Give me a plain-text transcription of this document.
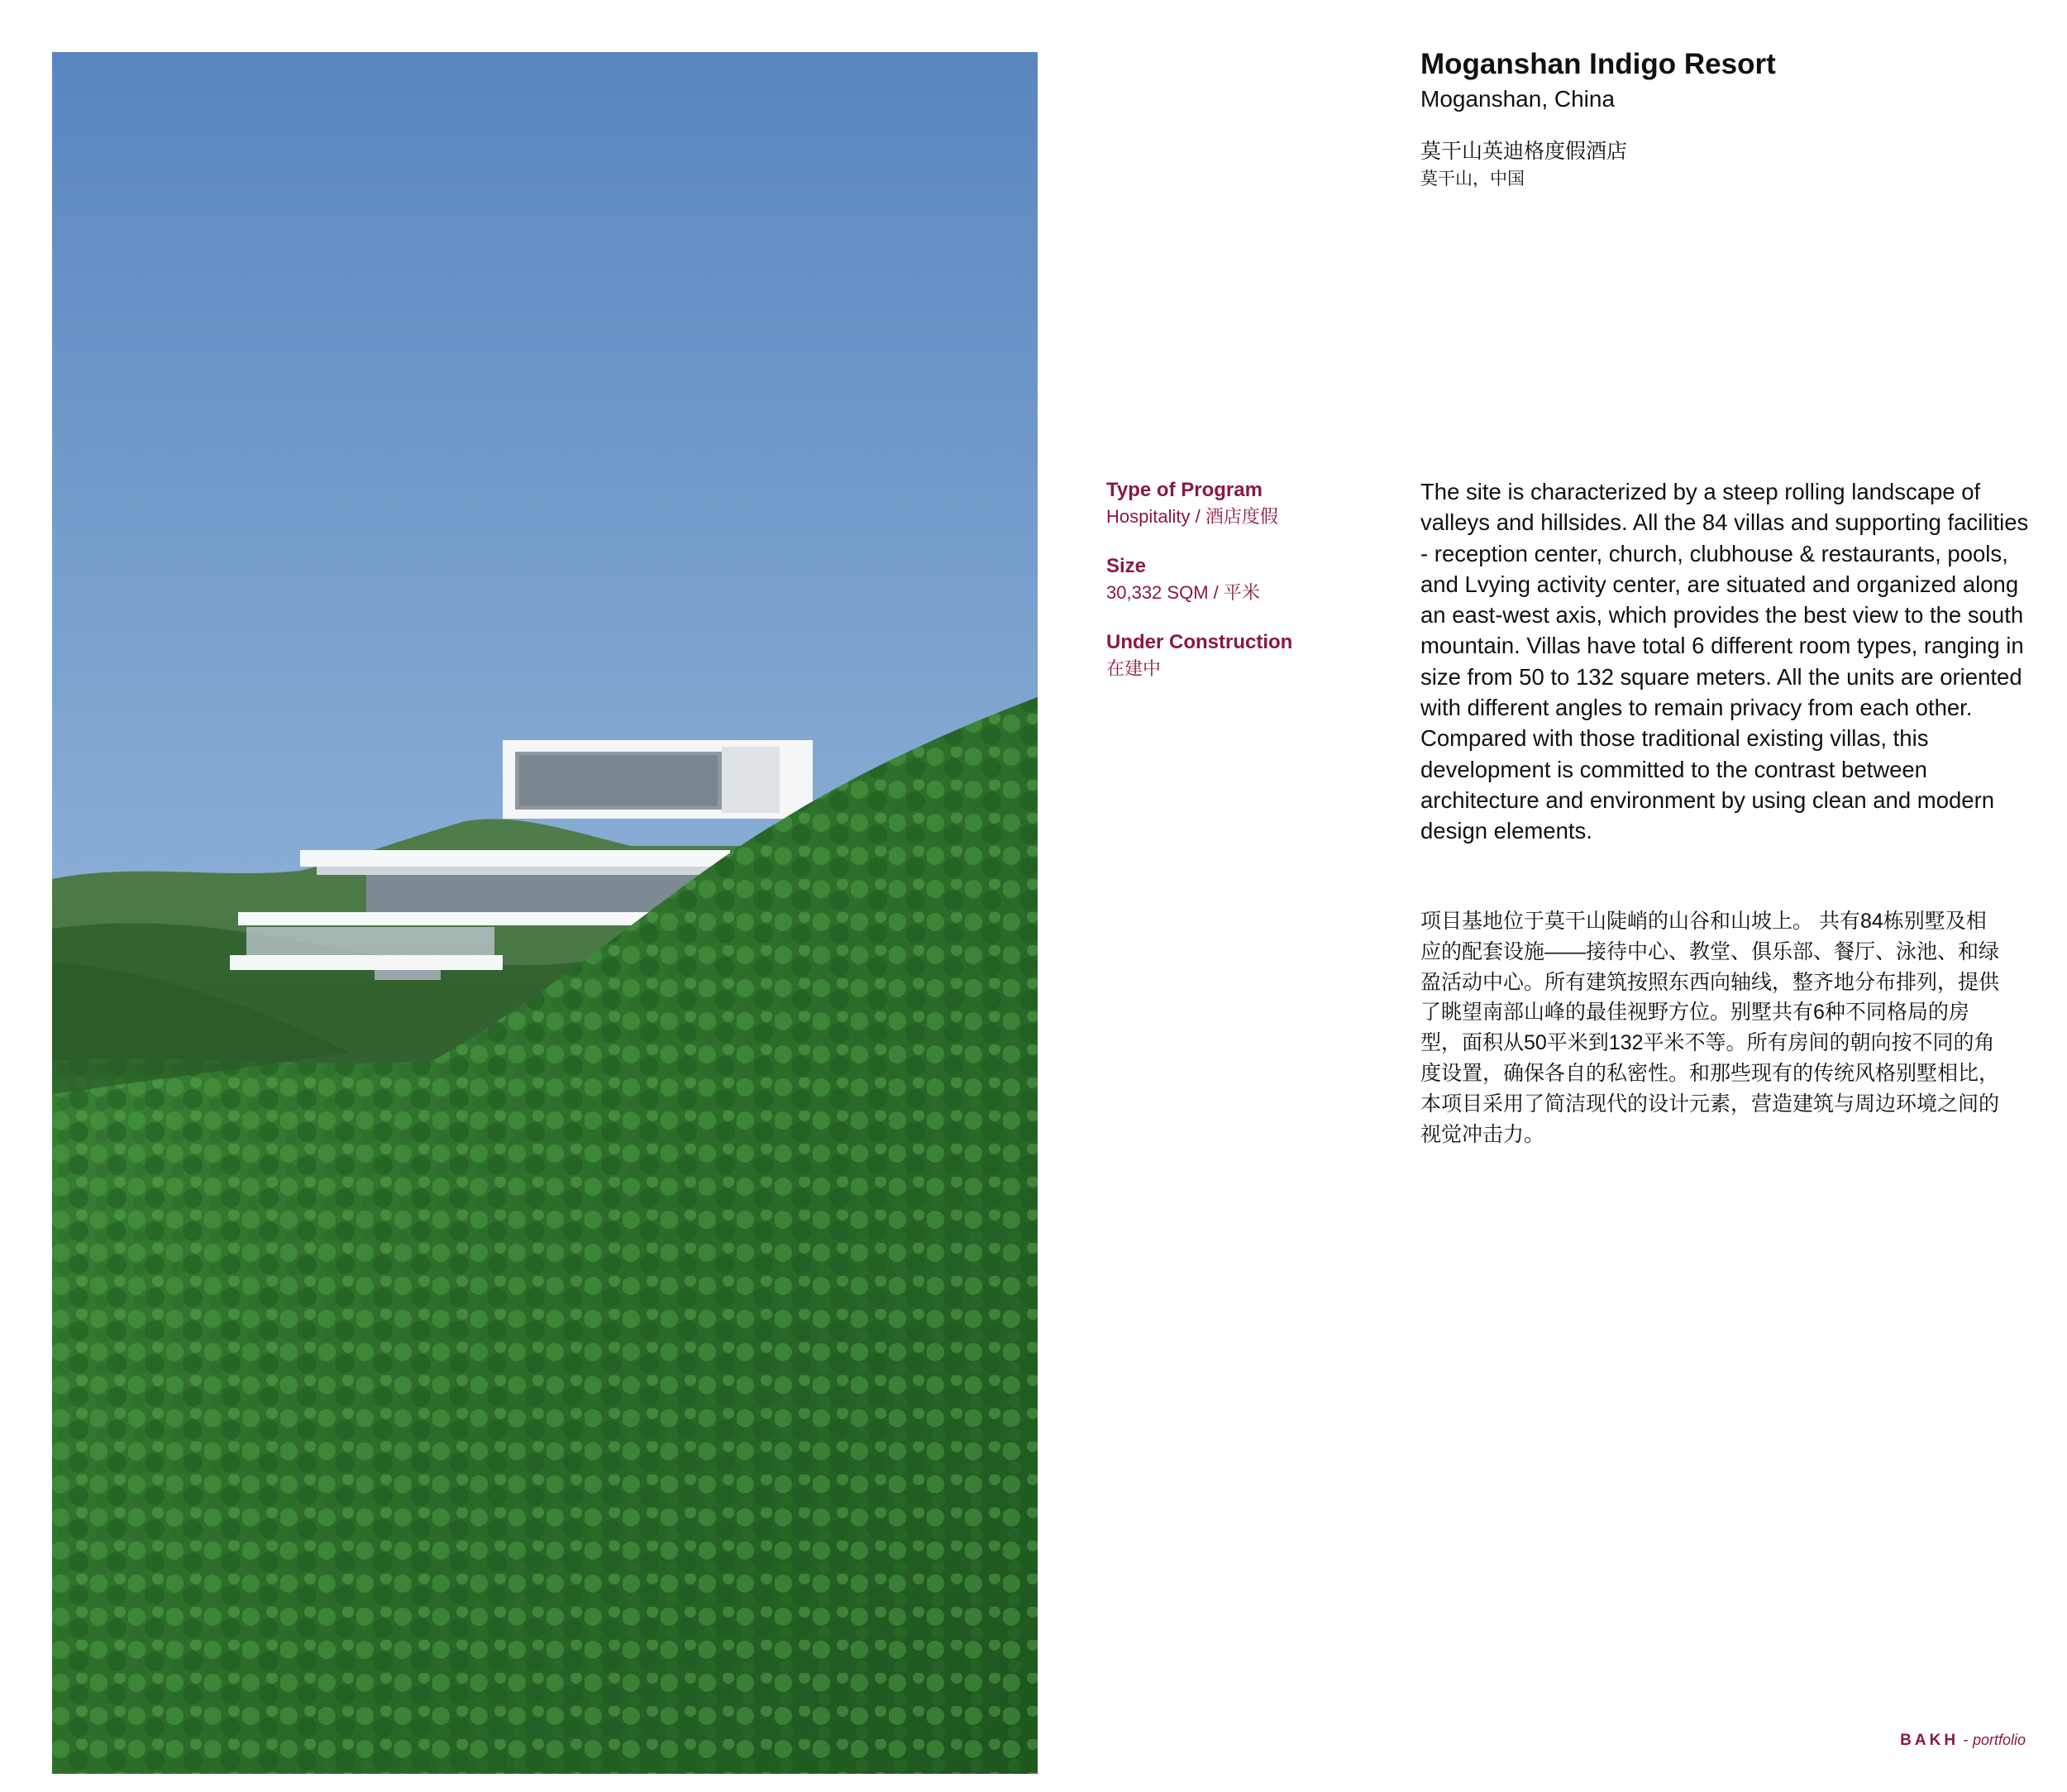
Moganshan Indigo Resort
Moganshan, China
莫干山英迪格度假酒店
莫干山，中国
Type of Program
Hospitality / 酒店度假
Size
30,332 SQM / 平米
Under Construction
在建中
The site is characterized by a steep rolling landscape of valleys and hillsides. All the 84 villas and supporting facilities - reception center, church, clubhouse & restaurants, pools, and Lvying activity center, are situated and organized along an east-west axis, which provides the best view to the south mountain. Villas have total 6 different room types, ranging in size from 50 to 132 square meters. All the units are oriented with different angles to remain privacy from each other. Compared with those traditional existing villas, this development is committed to the contrast between architecture and environment by using clean and modern design elements.
项目基地位于莫干山陡峭的山谷和山坡上。 共有84栋别墅及相应的配套设施——接待中心、教堂、俱乐部、餐厅、泳池、和绿盈活动中心。所有建筑按照东西向轴线，整齐地分布排列，提供了眺望南部山峰的最佳视野方位。别墅共有6种不同格局的房型，面积从50平米到132平米不等。所有房间的朝向按不同的角度设置，确保各自的私密性。和那些现有的传统风格别墅相比，本项目采用了简洁现代的设计元素，营造建筑与周边环境之间的视觉冲击力。
BAKH - portfolio
